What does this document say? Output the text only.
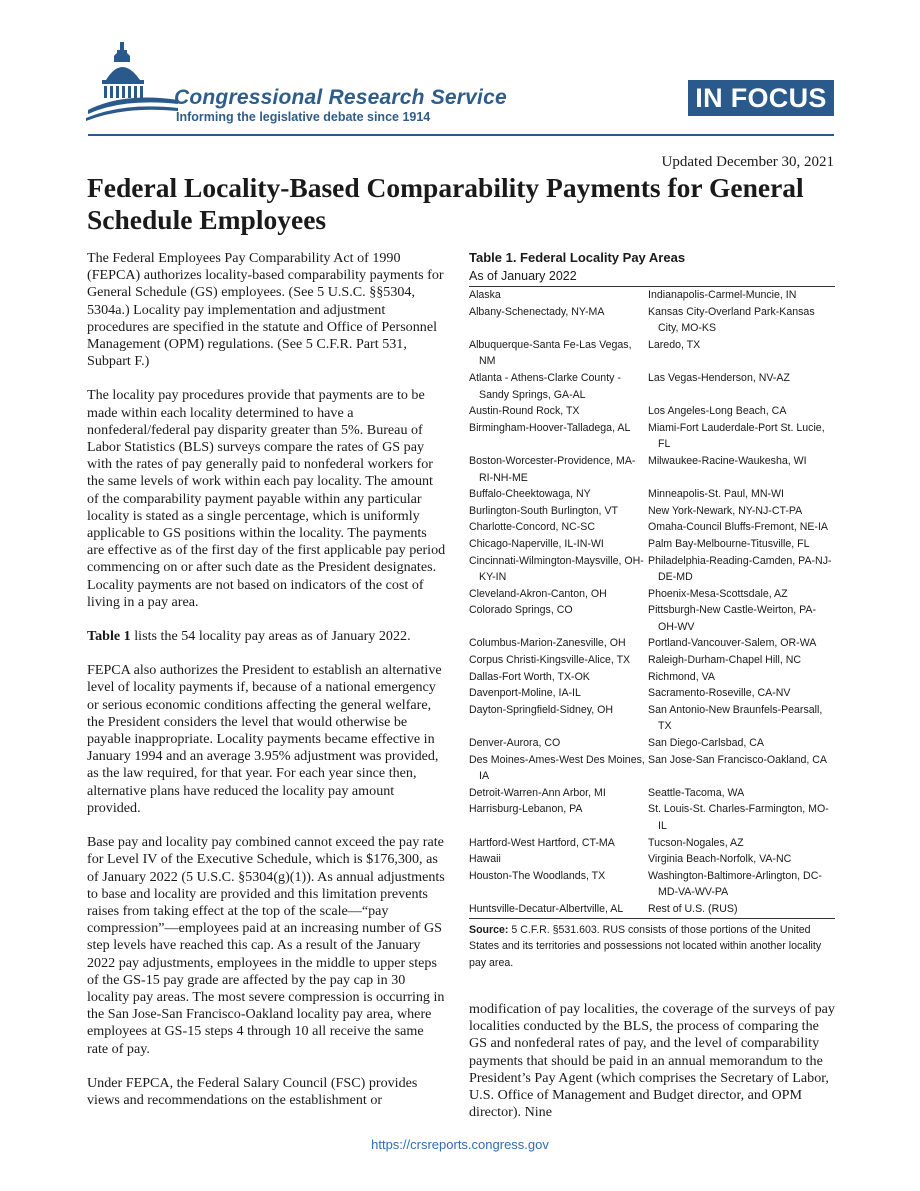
Congressional Research Service
Informing the legislative debate since 1914
IN FOCUS
Updated December 30, 2021
Federal Locality-Based Comparability Payments for General Schedule Employees

The Federal Employees Pay Comparability Act of 1990 (FEPCA) authorizes locality-based comparability payments for General Schedule (GS) employees. (See 5 U.S.C. §§5304, 5304a.) Locality pay implementation and adjustment procedures are specified in the statute and Office of Personnel Management (OPM) regulations. (See 5 C.F.R. Part 531, Subpart F.)

The locality pay procedures provide that payments are to be made within each locality determined to have a nonfederal/federal pay disparity greater than 5%. Bureau of Labor Statistics (BLS) surveys compare the rates of GS pay with the rates of pay generally paid to nonfederal workers for the same levels of work within each pay locality. The amount of the comparability payment payable within any particular locality is stated as a single percentage, which is uniformly applicable to GS positions within the locality. The payments are effective as of the first day of the first applicable pay period commencing on or after such date as the President designates. Locality payments are not based on indicators of the cost of living in a pay area.

Table 1 lists the 54 locality pay areas as of January 2022.

FEPCA also authorizes the President to establish an alternative level of locality payments if, because of a national emergency or serious economic conditions affecting the general welfare, the President considers the level that would otherwise be payable inappropriate. Locality payments became effective in January 1994 and an average 3.95% adjustment was provided, as the law required, for that year. For each year since then, alternative plans have reduced the locality pay amount provided.

Base pay and locality pay combined cannot exceed the pay rate for Level IV of the Executive Schedule, which is $176,300, as of January 2022 (5 U.S.C. §5304(g)(1)). As annual adjustments to base and locality are provided and this limitation prevents raises from taking effect at the top of the scale—“pay compression”—employees paid at an increasing number of GS step levels have reached this cap. As a result of the January 2022 pay adjustments, employees in the middle to upper steps of the GS-15 pay grade are affected by the pay cap in 30 locality pay areas. The most severe compression is occurring in the San Jose-San Francisco-Oakland locality pay area, where employees at GS-15 steps 4 through 10 all receive the same rate of pay.

Under FEPCA, the Federal Salary Council (FSC) provides views and recommendations on the establishment or

Table 1. Federal Locality Pay Areas
As of January 2022
Alaska	Indianapolis-Carmel-Muncie, IN

Albany-Schenectady, NY-MA	Kansas City-Overland Park-Kansas City, MO-KS

Albuquerque-Santa Fe-Las Vegas, NM	Laredo, TX

Atlanta - Athens-Clarke County - Sandy Springs, GA-AL	Las Vegas-Henderson, NV-AZ

Austin-Round Rock, TX	Los Angeles-Long Beach, CA

Birmingham-Hoover-Talladega, AL	Miami-Fort Lauderdale-Port St. Lucie, FL

Boston-Worcester-Providence, MA-RI-NH-ME	Milwaukee-Racine-Waukesha, WI

Buffalo-Cheektowaga, NY	Minneapolis-St. Paul, MN-WI

Burlington-South Burlington, VT	New York-Newark, NY-NJ-CT-PA

Charlotte-Concord, NC-SC	Omaha-Council Bluffs-Fremont, NE-IA

Chicago-Naperville, IL-IN-WI	Palm Bay-Melbourne-Titusville, FL

Cincinnati-Wilmington-Maysville, OH-KY-IN	Philadelphia-Reading-Camden, PA-NJ-DE-MD

Cleveland-Akron-Canton, OH	Phoenix-Mesa-Scottsdale, AZ

Colorado Springs, CO	Pittsburgh-New Castle-Weirton, PA-OH-WV

Columbus-Marion-Zanesville, OH	Portland-Vancouver-Salem, OR-WA

Corpus Christi-Kingsville-Alice, TX	Raleigh-Durham-Chapel Hill, NC

Dallas-Fort Worth, TX-OK	Richmond, VA

Davenport-Moline, IA-IL	Sacramento-Roseville, CA-NV

Dayton-Springfield-Sidney, OH	San Antonio-New Braunfels-Pearsall, TX

Denver-Aurora, CO	San Diego-Carlsbad, CA

Des Moines-Ames-West Des Moines, IA	San Jose-San Francisco-Oakland, CA

Detroit-Warren-Ann Arbor, MI	Seattle-Tacoma, WA

Harrisburg-Lebanon, PA	St. Louis-St. Charles-Farmington, MO-IL

Hartford-West Hartford, CT-MA	Tucson-Nogales, AZ

Hawaii	Virginia Beach-Norfolk, VA-NC

Houston-The Woodlands, TX	Washington-Baltimore-Arlington, DC-MD-VA-WV-PA

Huntsville-Decatur-Albertville, AL	Rest of U.S. (RUS)
Source: 5 C.F.R. §531.603. RUS consists of those portions of the United States and its territories and possessions not located within another locality pay area.

modification of pay localities, the coverage of the surveys of pay localities conducted by the BLS, the process of comparing the GS and nonfederal rates of pay, and the level of comparability payments that should be paid in an annual memorandum to the President’s Pay Agent (which comprises the Secretary of Labor, U.S. Office of Management and Budget director, and OPM director). Nine

https://crsreports.congress.gov
